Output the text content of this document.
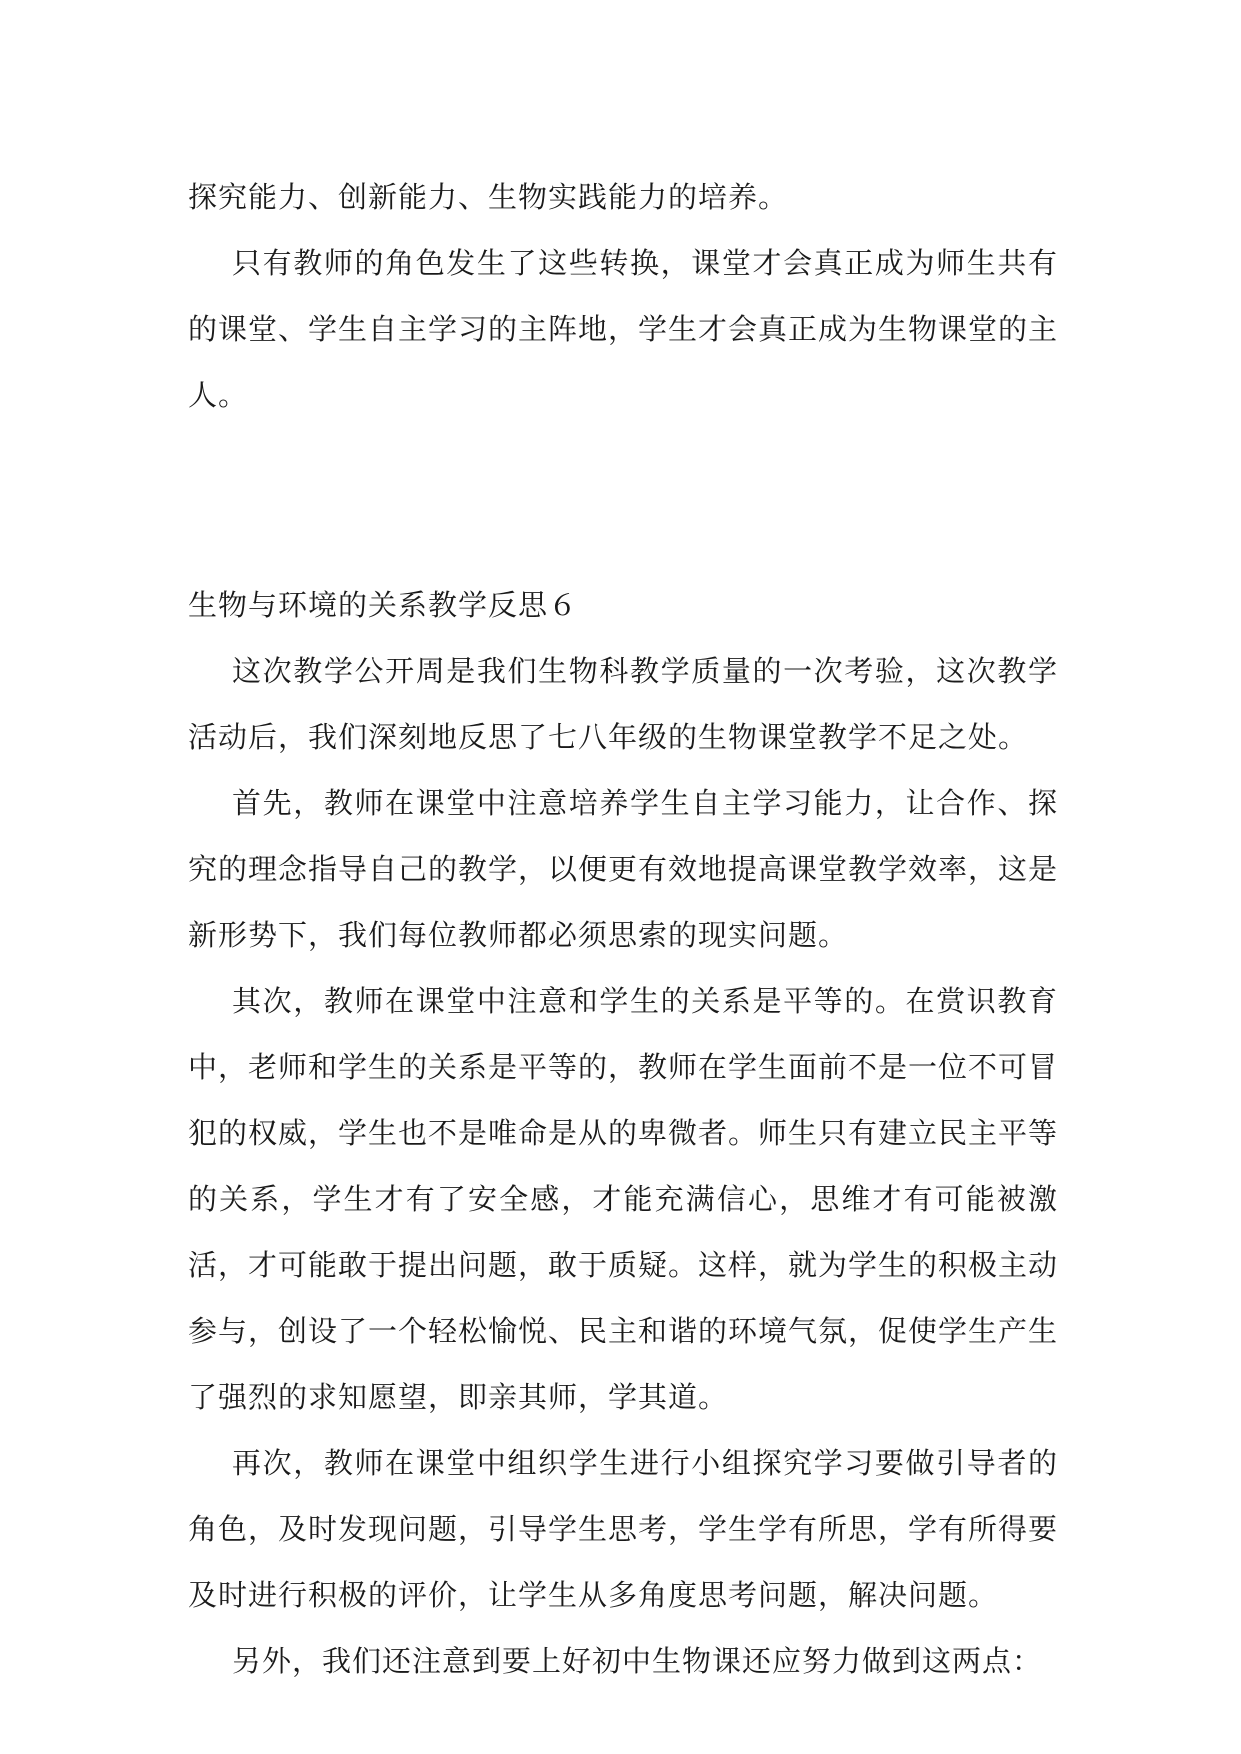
探究能力、创新能力、生物实践能力的培养。

只有教师的角色发生了这些转换，课堂才会真正成为师生共有的课堂、学生自主学习的主阵地，学生才会真正成为生物课堂的主人。

生物与环境的关系教学反思６

这次教学公开周是我们生物科教学质量的一次考验，这次教学活动后，我们深刻地反思了七八年级的生物课堂教学不足之处。

首先，教师在课堂中注意培养学生自主学习能力，让合作、探究的理念指导自己的教学，以便更有效地提高课堂教学效率，这是新形势下，我们每位教师都必须思索的现实问题。

其次，教师在课堂中注意和学生的关系是平等的。在赏识教育中，老师和学生的关系是平等的，教师在学生面前不是一位不可冒犯的权威，学生也不是唯命是从的卑微者。师生只有建立民主平等的关系，学生才有了安全感，才能充满信心，思维才有可能被激活，才可能敢于提出问题，敢于质疑。这样，就为学生的积极主动参与，创设了一个轻松愉悦、民主和谐的环境气氛，促使学生产生了强烈的求知愿望，即亲其师，学其道。

再次，教师在课堂中组织学生进行小组探究学习要做引导者的角色，及时发现问题，引导学生思考，学生学有所思，学有所得要及时进行积极的评价，让学生从多角度思考问题，解决问题。

另外，我们还注意到要上好初中生物课还应努力做到这两点：
